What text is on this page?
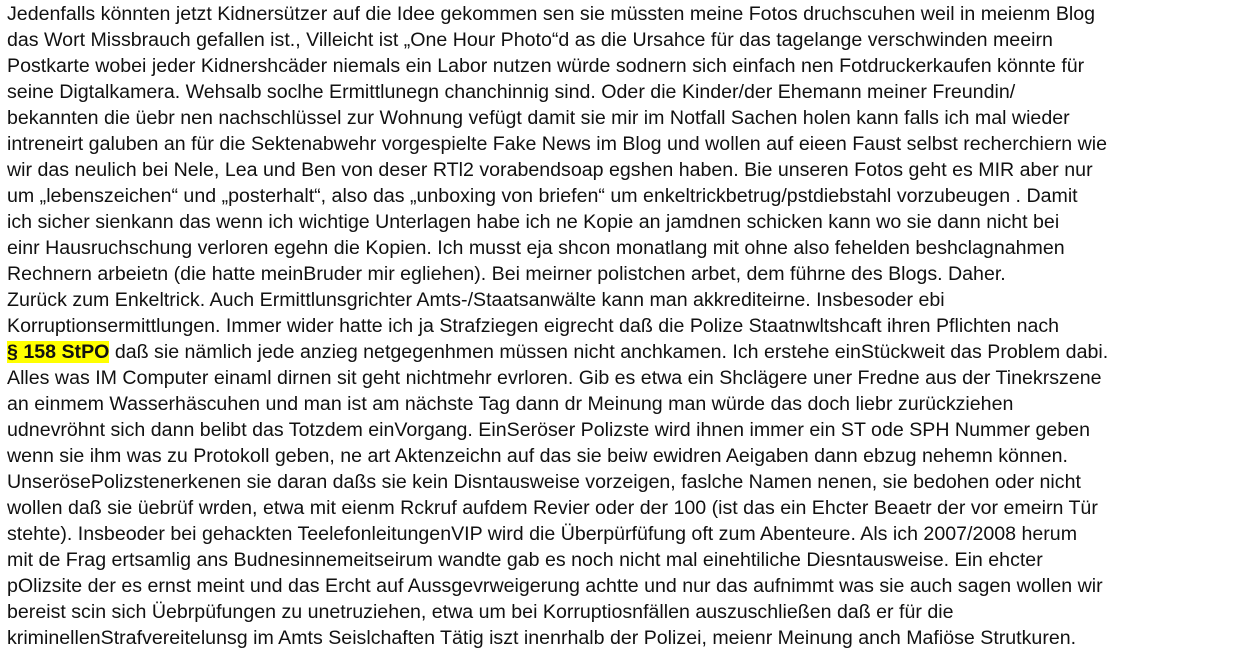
Jedenfalls könnten jetzt Kidnersützer auf die Idee gekommen sen sie müssten meine Fotos druchscuhen weil in meienm Blog
das Wort Missbrauch gefallen ist., Villeicht ist „One Hour Photo“d as die Ursahce für das tagelange verschwinden meeirn
Postkarte wobei jeder Kidnershcäder niemals ein Labor nutzen würde sodnern sich einfach nen Fotdruckerkaufen könnte für
seine Digtalkamera. Wehsalb soclhe Ermittlunegn chanchinnig sind. Oder die Kinder/der Ehemann meiner Freundin/
bekannten die üebr nen nachschlüssel zur Wohnung vefügt damit sie mir im Notfall Sachen holen kann falls ich mal wieder
intreneirt galuben an für die Sektenabwehr vorgespielte Fake News im Blog und wollen auf eieen Faust selbst recherchiern wie
wir das neulich bei Nele, Lea und Ben von deser RTl2 vorabendsoap egshen haben. Bie unseren Fotos geht es MIR aber nur
um „lebenszeichen“ und „posterhalt“, also das „unboxing von briefen“ um enkeltrickbetrug/pstdiebstahl vorzubeugen . Damit
ich sicher sienkann das wenn ich wichtige Unterlagen habe ich ne Kopie an jamdnen schicken kann wo sie dann nicht bei
einr Hausruchschung verloren egehn die Kopien. Ich musst eja shcon monatlang mit ohne also fehelden beshclagnahmen
Rechnern arbeietn (die hatte meinBruder mir egliehen). Bei meirner polistchen arbet, dem führne des Blogs. Daher.
Zurück zum Enkeltrick. Auch Ermittlunsgrichter Amts-/Staatsanwälte kann man akkrediteirne. Insbesoder ebi
Korruptionsermittlungen. Immer wider hatte ich ja Strafziegen eigrecht daß die Polize Staatnwltshcaft ihren Pflichten nach
§ 158 StPO daß sie nämlich jede anzieg netgegenhmen müssen nicht anchkamen. Ich erstehe einStückweit das Problem dabi.
Alles was IM Computer einaml dirnen sit geht nichtmehr evrloren. Gib es etwa ein Shclägere uner Fredne aus der Tinekrszene
an einmem Wasserhäscuhen und man ist am nächste Tag dann dr Meinung man würde das doch liebr zurückziehen
udnevröhnt sich dann belibt das Totzdem einVorgang. EinSeröser Polizste wird ihnen immer ein ST ode SPH Nummer geben
wenn sie ihm was zu Protokoll geben, ne art Aktenzeichn auf das sie beiw ewidren Aeigaben dann ebzug nehemn können.
UnserösePolizstenerkenen sie daran daßs sie kein Disntausweise vorzeigen, faslche Namen nenen, sie bedohen oder nicht
wollen daß sie üebrüf wrden, etwa mit eienm Rckruf aufdem Revier oder der 100 (ist das ein Ehcter Beaetr der vor emeirn Tür
stehte). Insbeoder bei gehackten TeelefonleitungenVIP wird die Überpürfüfung oft zum Abenteure. Als ich 2007/2008 herum
mit de Frag ertsamlig ans Budnesinnemeitseirum wandte gab es noch nicht mal einehtiliche Diesntausweise. Ein ehcter
pOlizsite der es ernst meint und das Ercht auf Aussgevrweigerung achtte und nur das aufnimmt was sie auch sagen wollen wir
bereist scin sich Üebrpüfungen zu unetruziehen, etwa um bei Korruptiosnfällen auszuschließen daß er für die
kriminellenStrafvereitelunsg im Amts Seislchaften Tätig iszt inenrhalb der Polizei, meienr Meinung anch Mafiöse Strutkuren.
